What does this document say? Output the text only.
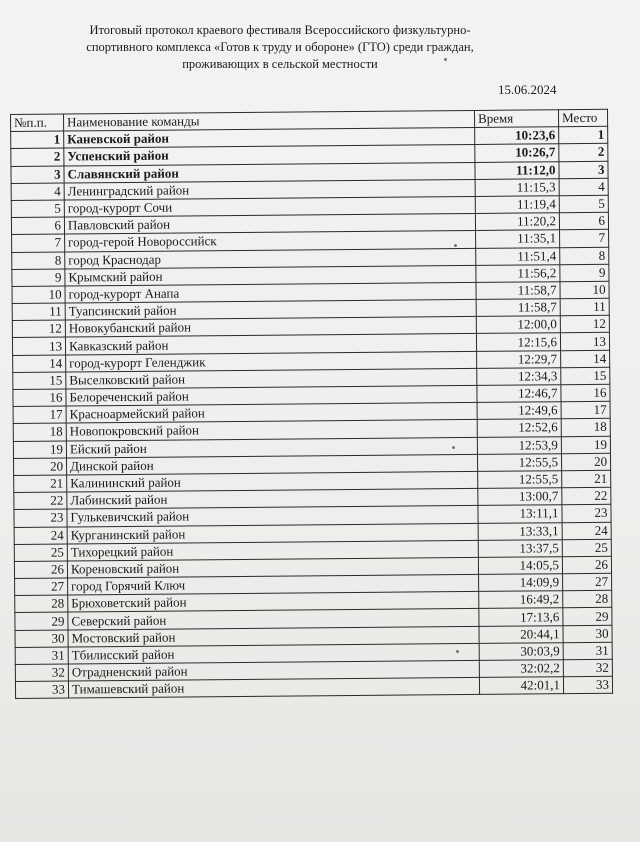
Итоговый протокол краевого фестиваля Всероссийского физкультурно-спортивного комплекса «Готов к труду и обороне» (ГТО) среди граждан, проживающих в сельской местности
15.06.2024
№п.п.	Наименование команды	Время	Место
1	Каневской район	10:23,6	1
2	Успенский район	10:26,7	2
3	Славянский район	11:12,0	3
4	Ленинградский район	11:15,3	4
5	город-курорт Сочи	11:19,4	5
6	Павловский район	11:20,2	6
7	город-герой Новороссийск	11:35,1	7
8	город Краснодар	11:51,4	8
9	Крымский район	11:56,2	9
10	город-курорт Анапа	11:58,7	10
11	Туапсинский район	11:58,7	11
12	Новокубанский район	12:00,0	12
13	Кавказский район	12:15,6	13
14	город-курорт Геленджик	12:29,7	14
15	Выселковский район	12:34,3	15
16	Белореченский район	12:46,7	16
17	Красноармейский район	12:49,6	17
18	Новопокровский район	12:52,6	18
19	Ейский район	12:53,9	19
20	Динской район	12:55,5	20
21	Калининский район	12:55,5	21
22	Лабинский район	13:00,7	22
23	Гулькевичский район	13:11,1	23
24	Курганинский район	13:33,1	24
25	Тихорецкий район	13:37,5	25
26	Кореновский район	14:05,5	26
27	город Горячий Ключ	14:09,9	27
28	Брюховетский район	16:49,2	28
29	Северский район	17:13,6	29
30	Мостовский район	20:44,1	30
31	Тбилисский район	30:03,9	31
32	Отрадненский район	32:02,2	32
33	Тимашевский район	42:01,1	33
